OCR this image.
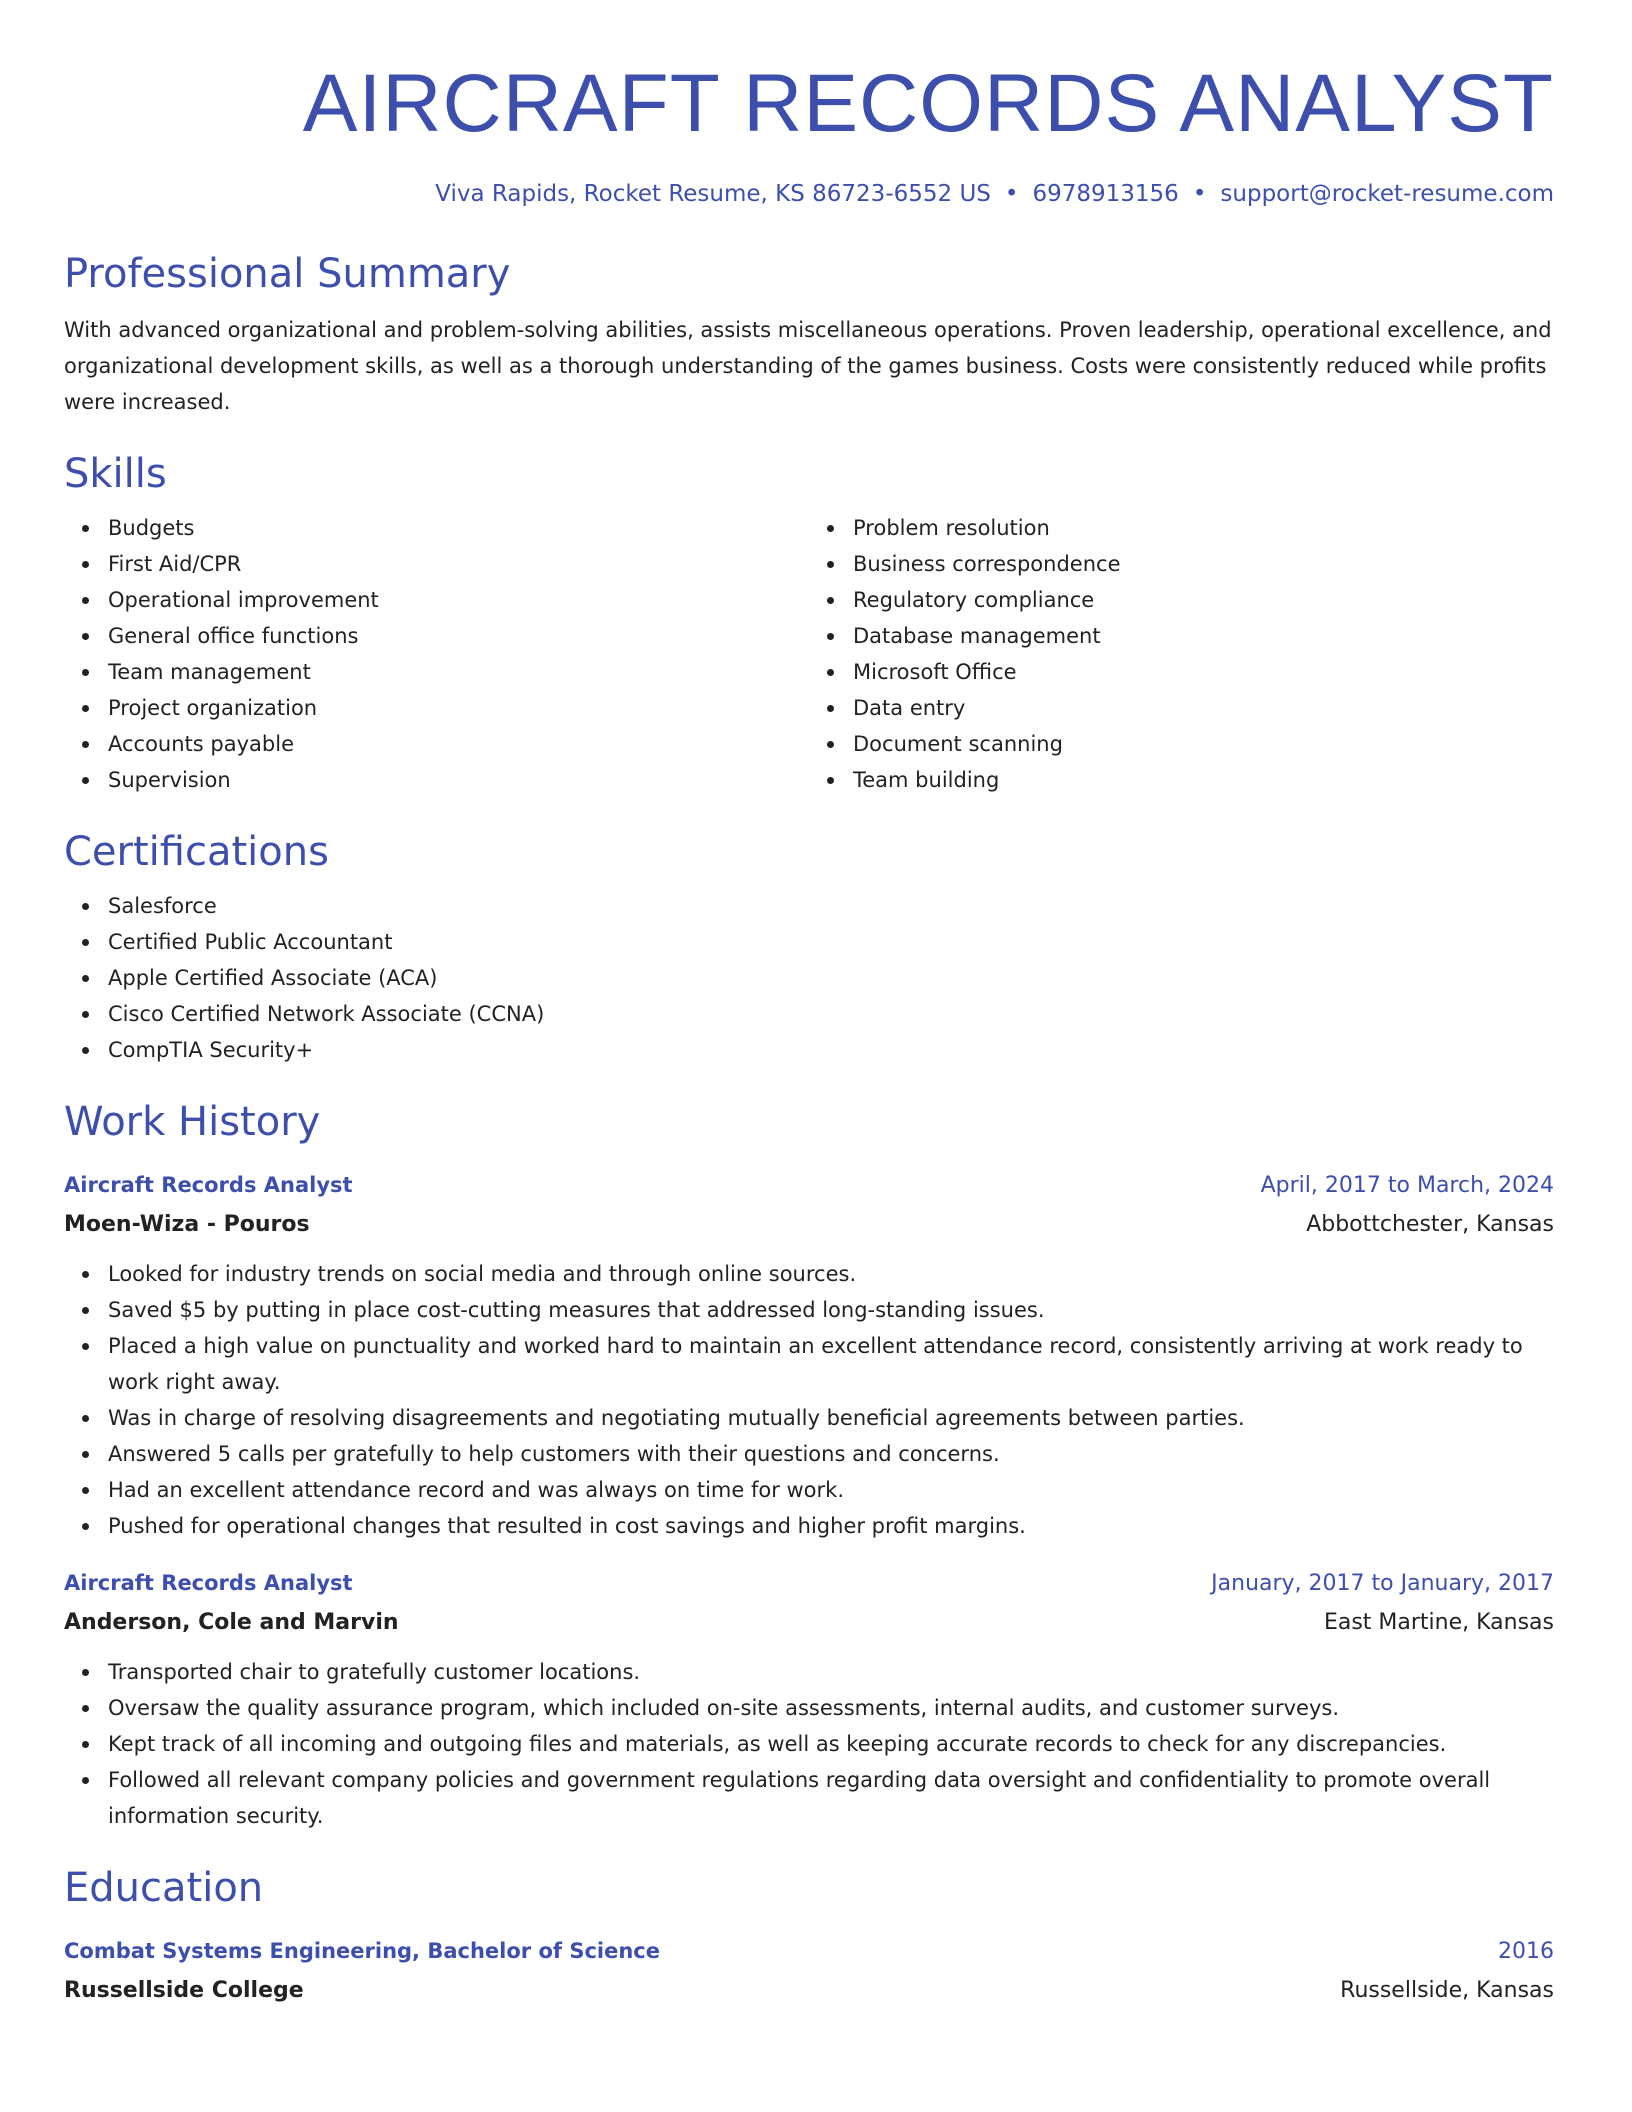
AIRCRAFT RECORDS ANALYST
Viva Rapids, Rocket Resume, KS 86723-6552 US • 6978913156 • support@rocket-resume.com
Professional Summary
With advanced organizational and problem-solving abilities, assists miscellaneous operations. Proven leadership, operational excellence, and organizational development skills, as well as a thorough understanding of the games business. Costs were consistently reduced while profits were increased.
Skills
Budgets
First Aid/CPR
Operational improvement
General office functions
Team management
Project organization
Accounts payable
Supervision
Problem resolution
Business correspondence
Regulatory compliance
Database management
Microsoft Office
Data entry
Document scanning
Team building
Certifications
Salesforce
Certified Public Accountant
Apple Certified Associate (ACA)
Cisco Certified Network Associate (CCNA)
CompTIA Security+
Work History
Aircraft Records Analyst	April, 2017 to March, 2024
Moen-Wiza - Pouros	Abbottchester, Kansas
Looked for industry trends on social media and through online sources.
Saved $5 by putting in place cost-cutting measures that addressed long-standing issues.
Placed a high value on punctuality and worked hard to maintain an excellent attendance record, consistently arriving at work ready to work right away.
Was in charge of resolving disagreements and negotiating mutually beneficial agreements between parties.
Answered 5 calls per gratefully to help customers with their questions and concerns.
Had an excellent attendance record and was always on time for work.
Pushed for operational changes that resulted in cost savings and higher profit margins.
Aircraft Records Analyst	January, 2017 to January, 2017
Anderson, Cole and Marvin	East Martine, Kansas
Transported chair to gratefully customer locations.
Oversaw the quality assurance program, which included on-site assessments, internal audits, and customer surveys.
Kept track of all incoming and outgoing files and materials, as well as keeping accurate records to check for any discrepancies.
Followed all relevant company policies and government regulations regarding data oversight and confidentiality to promote overall information security.
Education
Combat Systems Engineering, Bachelor of Science	2016
Russellside College	Russellside, Kansas
